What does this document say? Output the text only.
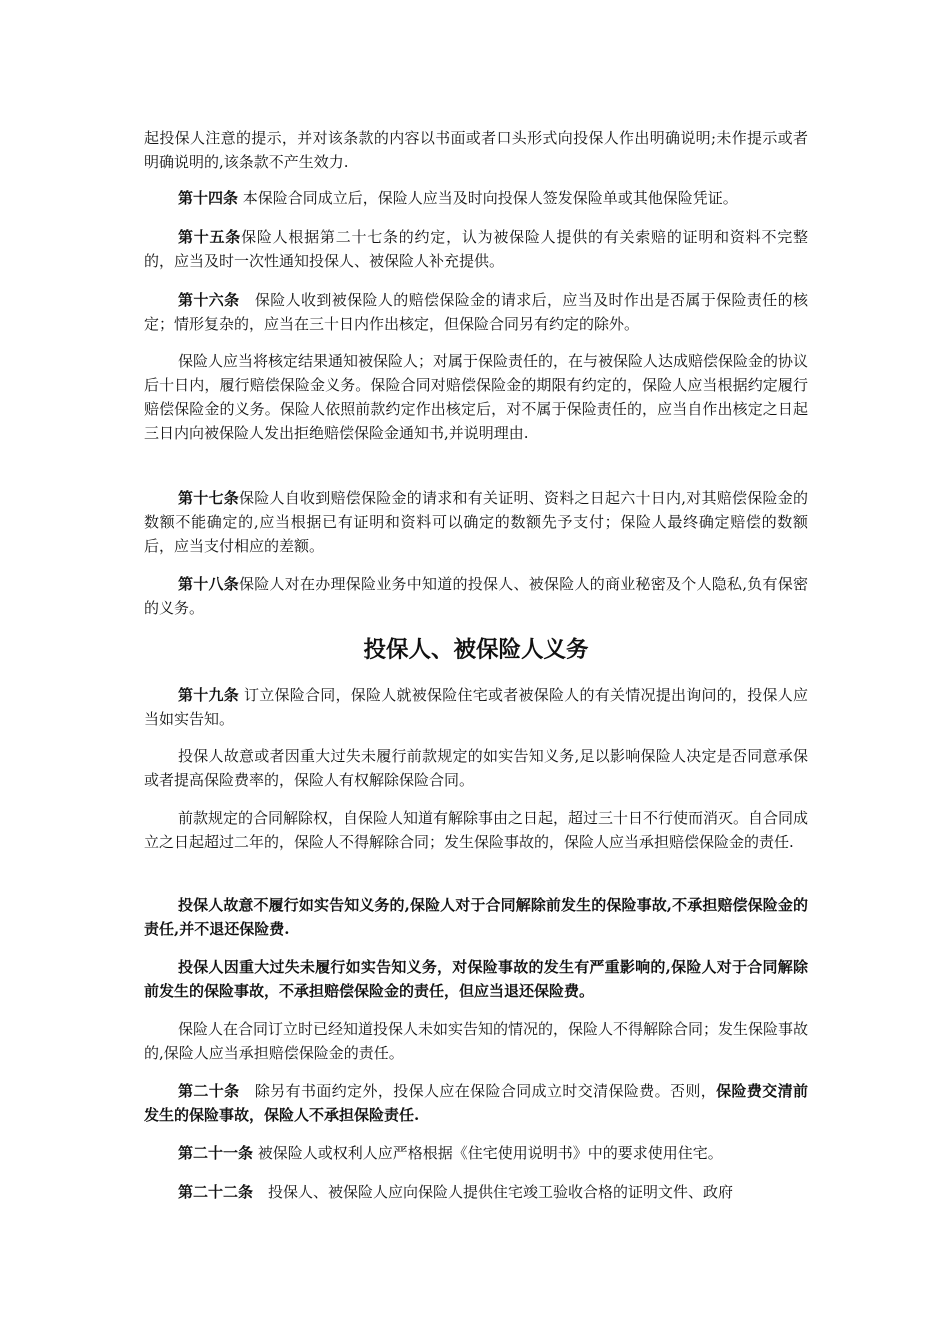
起投保人注意的提示，并对该条款的内容以书面或者口头形式向投保人作出明确说明;未作提示或者明确说明的,该条款不产生效力.

第十四条 本保险合同成立后，保险人应当及时向投保人签发保险单或其他保险凭证。

第十五条保险人根据第二十七条的约定，认为被保险人提供的有关索赔的证明和资料不完整的，应当及时一次性通知投保人、被保险人补充提供。

第十六条　保险人收到被保险人的赔偿保险金的请求后，应当及时作出是否属于保险责任的核定；情形复杂的，应当在三十日内作出核定，但保险合同另有约定的除外。

保险人应当将核定结果通知被保险人；对属于保险责任的，在与被保险人达成赔偿保险金的协议后十日内，履行赔偿保险金义务。保险合同对赔偿保险金的期限有约定的，保险人应当根据约定履行赔偿保险金的义务。保险人依照前款约定作出核定后，对不属于保险责任的，应当自作出核定之日起三日内向被保险人发出拒绝赔偿保险金通知书,并说明理由.

第十七条保险人自收到赔偿保险金的请求和有关证明、资料之日起六十日内,对其赔偿保险金的数额不能确定的,应当根据已有证明和资料可以确定的数额先予支付；保险人最终确定赔偿的数额后，应当支付相应的差额。

第十八条保险人对在办理保险业务中知道的投保人、被保险人的商业秘密及个人隐私,负有保密的义务。

投保人、被保险人义务

第十九条 订立保险合同，保险人就被保险住宅或者被保险人的有关情况提出询问的，投保人应当如实告知。

投保人故意或者因重大过失未履行前款规定的如实告知义务,足以影响保险人决定是否同意承保或者提高保险费率的，保险人有权解除保险合同。

前款规定的合同解除权，自保险人知道有解除事由之日起，超过三十日不行使而消灭。自合同成立之日起超过二年的，保险人不得解除合同；发生保险事故的，保险人应当承担赔偿保险金的责任.

投保人故意不履行如实告知义务的,保险人对于合同解除前发生的保险事故,不承担赔偿保险金的责任,并不退还保险费.

投保人因重大过失未履行如实告知义务，对保险事故的发生有严重影响的,保险人对于合同解除前发生的保险事故，不承担赔偿保险金的责任，但应当退还保险费。

保险人在合同订立时已经知道投保人未如实告知的情况的，保险人不得解除合同；发生保险事故的,保险人应当承担赔偿保险金的责任。

第二十条　除另有书面约定外，投保人应在保险合同成立时交清保险费。否则，保险费交清前发生的保险事故，保险人不承担保险责任.

第二十一条 被保险人或权利人应严格根据《住宅使用说明书》中的要求使用住宅。

第二十二条　投保人、被保险人应向保险人提供住宅竣工验收合格的证明文件、政府
